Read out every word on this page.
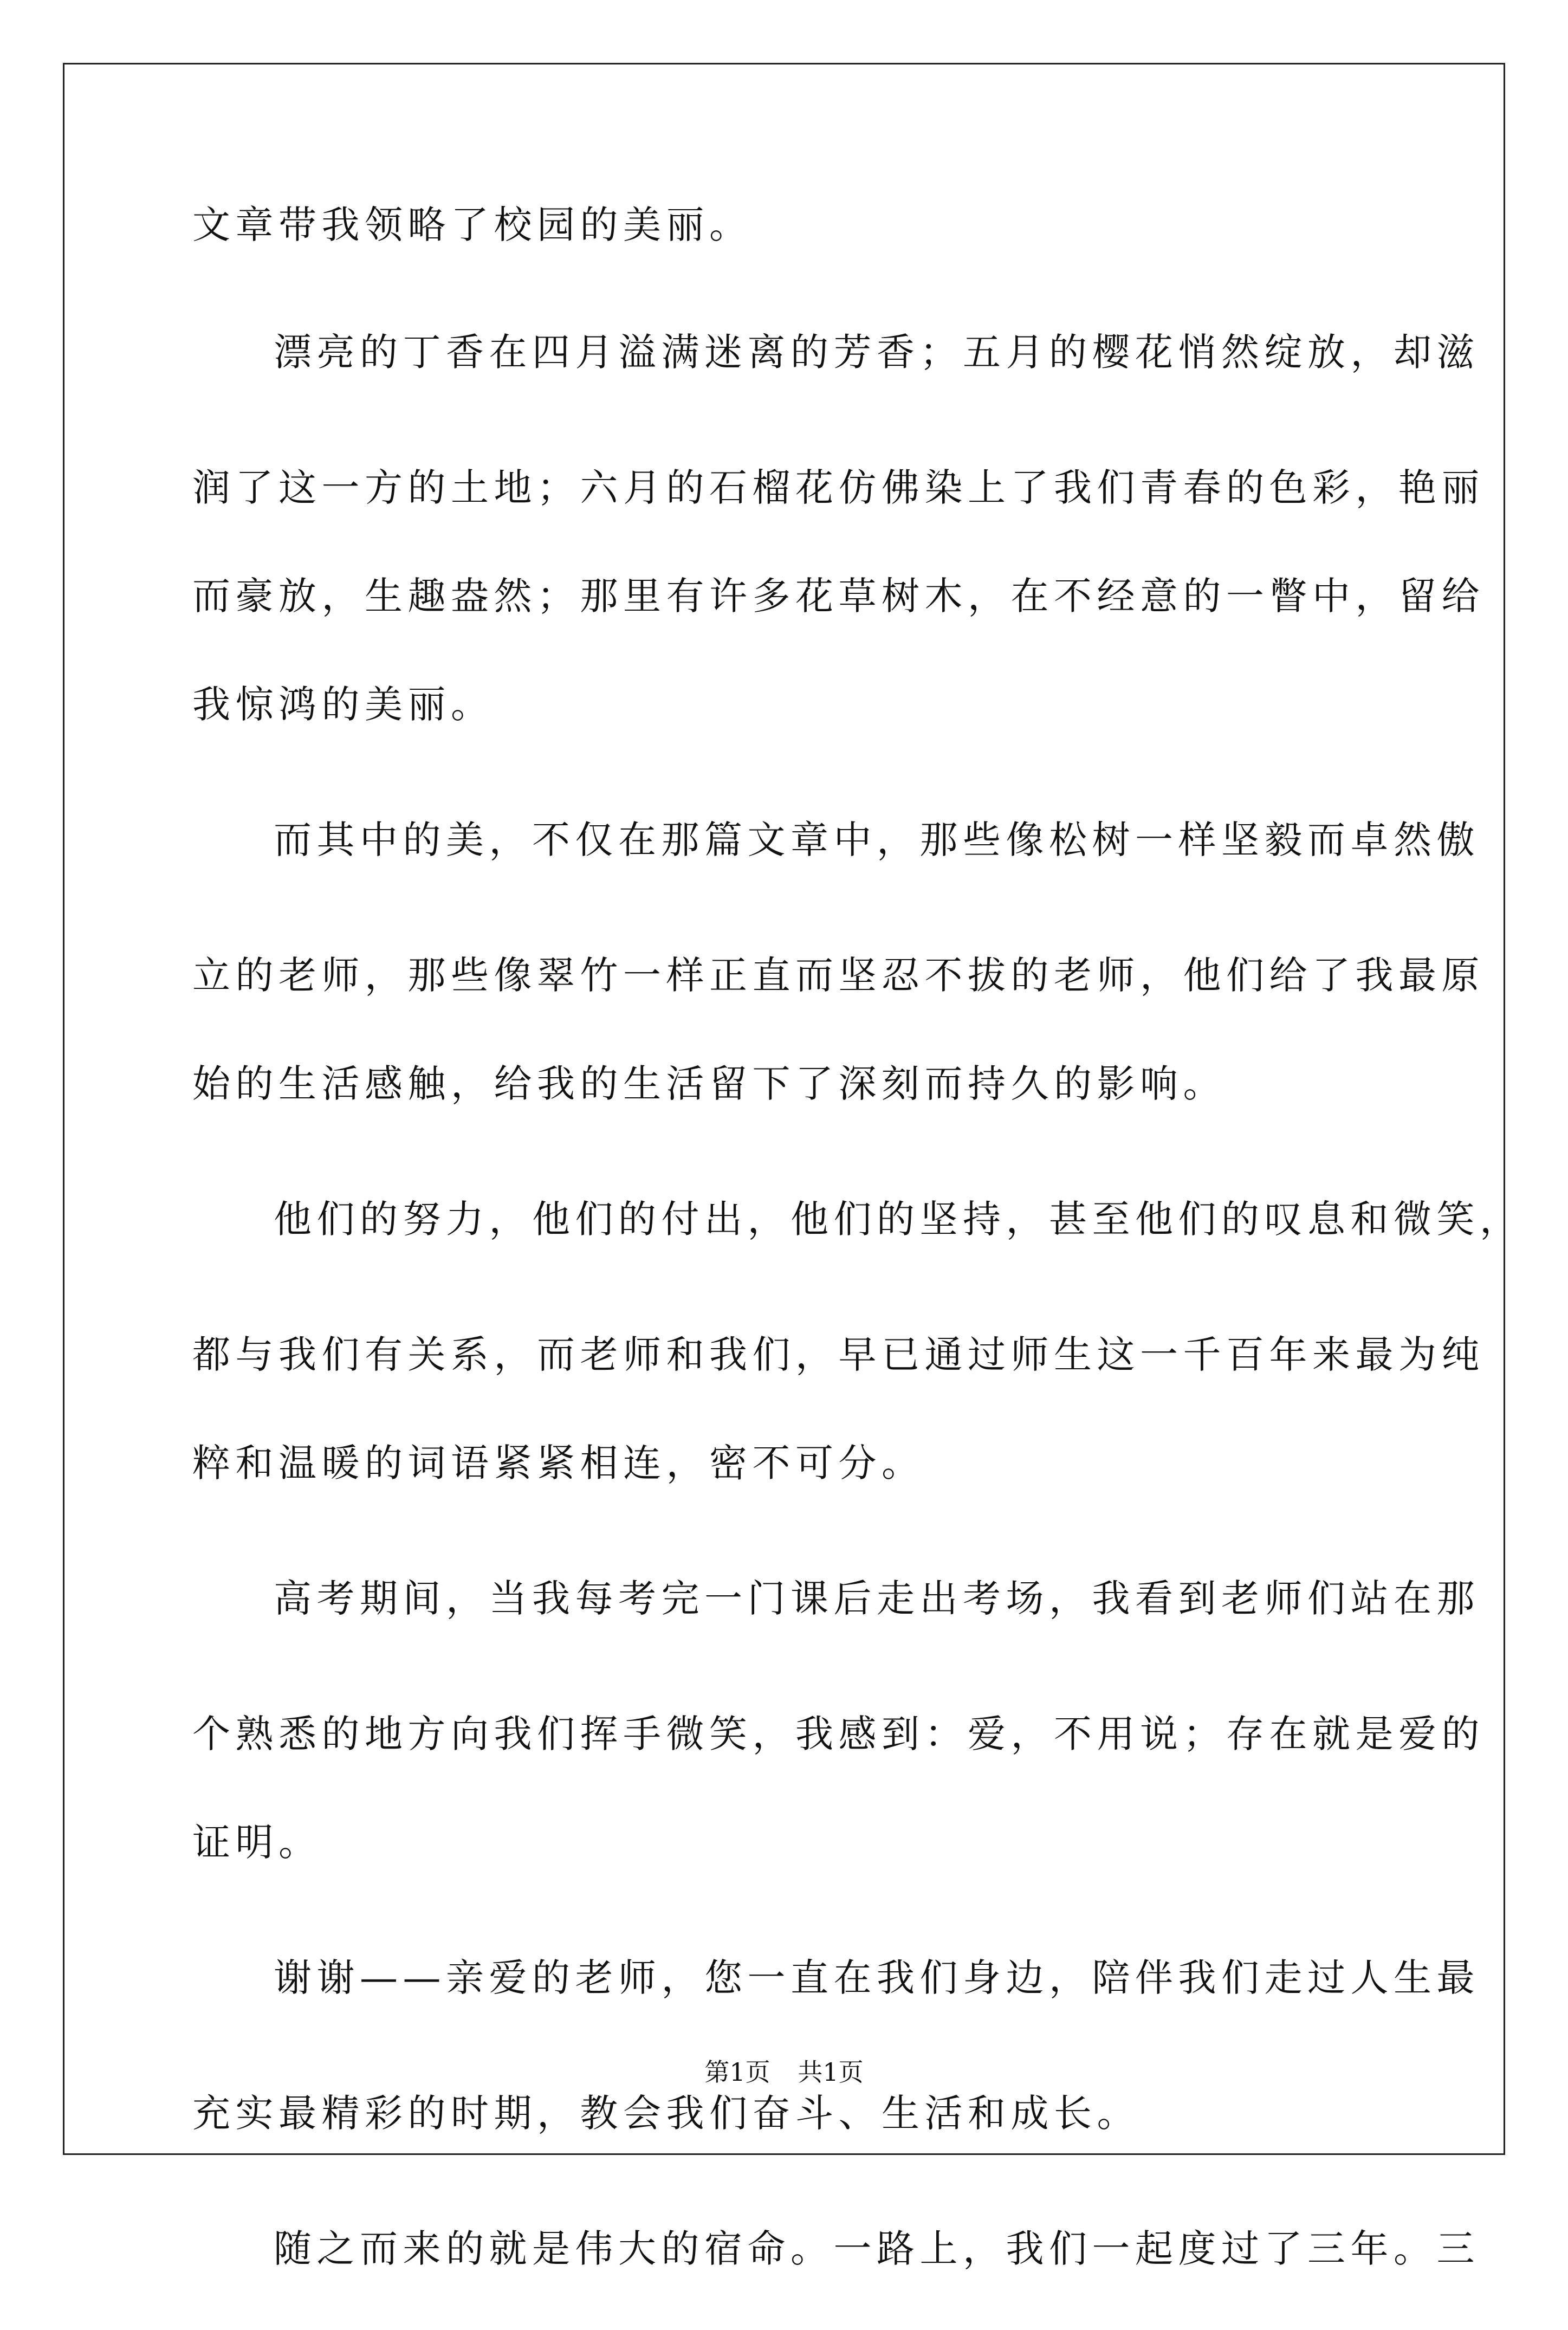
文章带我领略了校园的美丽。
漂亮的丁香在四月溢满迷离的芳香；五月的樱花悄然绽放，却滋
润了这一方的土地；六月的石榴花仿佛染上了我们青春的色彩，艳丽
而豪放，生趣盎然；那里有许多花草树木，在不经意的一瞥中，留给
我惊鸿的美丽。
而其中的美，不仅在那篇文章中，那些像松树一样坚毅而卓然傲
立的老师，那些像翠竹一样正直而坚忍不拔的老师，他们给了我最原
始的生活感触，给我的生活留下了深刻而持久的影响。
他们的努力，他们的付出，他们的坚持，甚至他们的叹息和微笑，
都与我们有关系，而老师和我们，早已通过师生这一千百年来最为纯
粹和温暖的词语紧紧相连，密不可分。
高考期间，当我每考完一门课后走出考场，我看到老师们站在那
个熟悉的地方向我们挥手微笑，我感到：爱，不用说；存在就是爱的
证明。
谢谢——亲爱的老师，您一直在我们身边，陪伴我们走过人生最
充实最精彩的时期，教会我们奋斗、生活和成长。
随之而来的就是伟大的宿命。一路上，我们一起度过了三年。三
第1页 共1页
